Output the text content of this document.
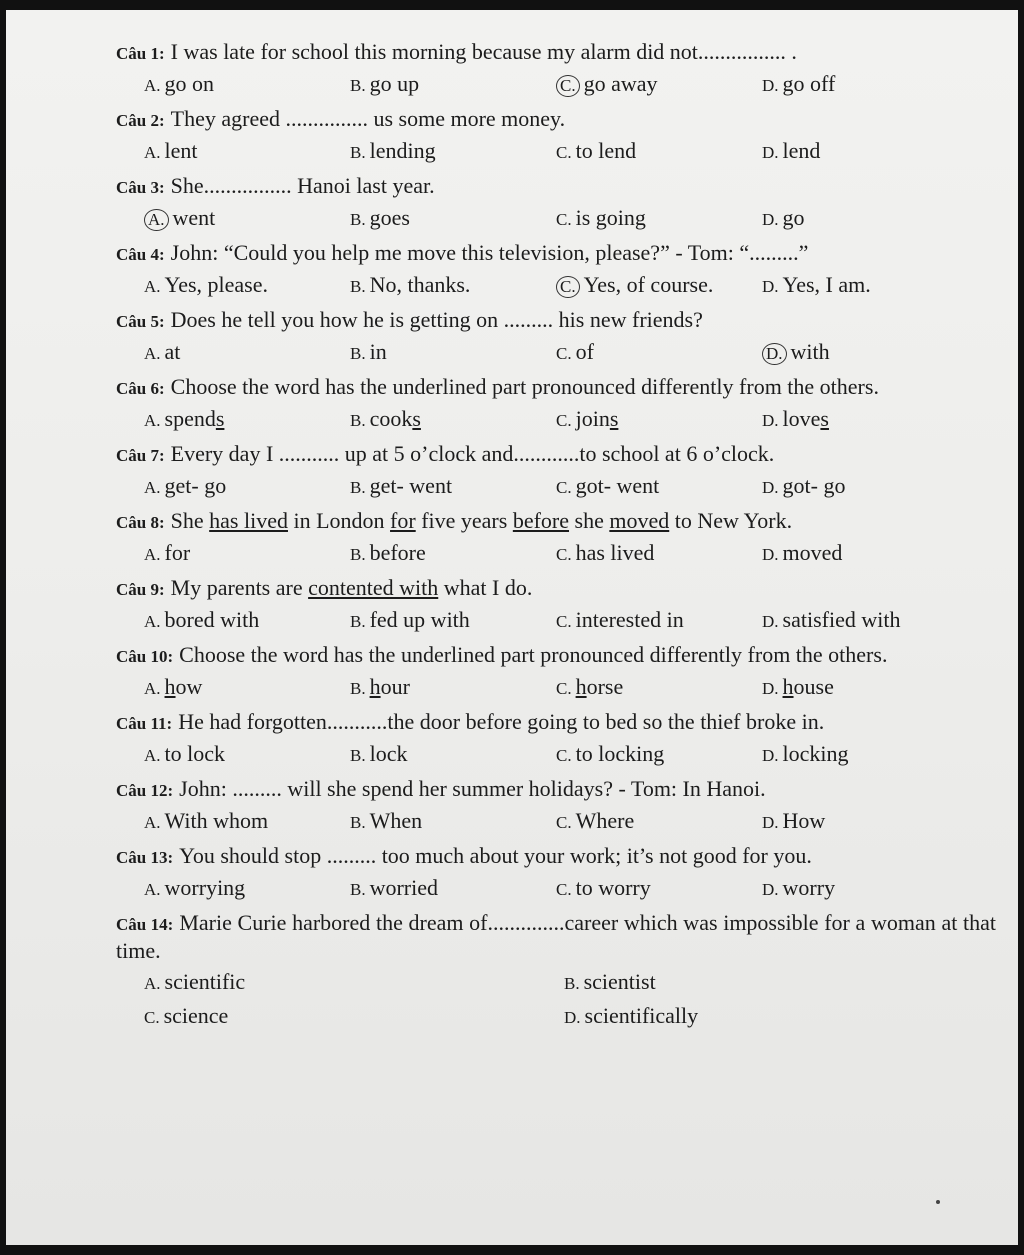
Câu 1: I was late for school this morning because my alarm did not................ .
A. go on	B. go up	C. go away	D. go off
Câu 2: They agreed ............... us some more money.
A. lent	B. lending	C. to lend	D. lend
Câu 3: She................ Hanoi last year.
A. went	B. goes	C. is going	D. go
Câu 4: John: “Could you help me move this television, please?” - Tom: “.........”
A. Yes, please.	B. No, thanks.	C. Yes, of course.	D. Yes, I am.
Câu 5: Does he tell you how he is getting on ......... his new friends?
A. at	B. in	C. of	D. with
Câu 6: Choose the word has the underlined part pronounced differently from the others.
A. spends	B. cooks	C. joins	D. loves
Câu 7: Every day I ........... up at 5 o’clock and............to school at 6 o’clock.
A. get- go	B. get- went	C. got- went	D. got- go
Câu 8: She has lived in London for five years before she moved to New York.
A. for	B. before	C. has lived	D. moved
Câu 9: My parents are contented with what I do.
A. bored with	B. fed up with	C. interested in	D. satisfied with
Câu 10: Choose the word has the underlined part pronounced differently from the others.
A. how	B. hour	C. horse	D. house
Câu 11: He had forgotten...........the door before going to bed so the thief broke in.
A. to lock	B. lock	C. to locking	D. locking
Câu 12: John: ......... will she spend her summer holidays? - Tom: In Hanoi.
A. With whom	B. When	C. Where	D. How
Câu 13: You should stop ......... too much about your work; it’s not good for you.
A. worrying	B. worried	C. to worry	D. worry
Câu 14: Marie Curie harbored the dream of..............career which was impossible for a woman at that time.
A. scientific	B. scientist
C. science	D. scientifically
